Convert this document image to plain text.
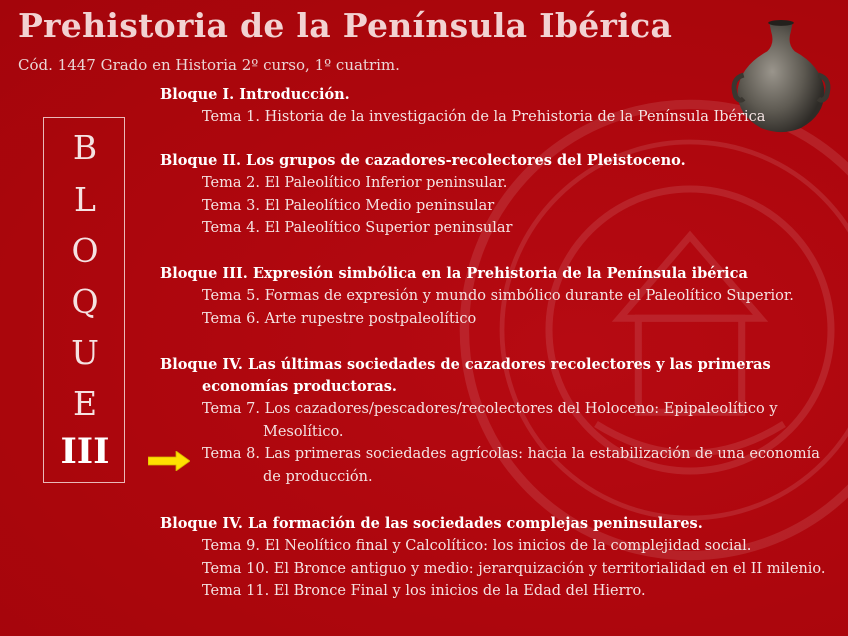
Prehistoria de la Península Ibérica
Cód. 1447 Grado en Historia 2º curso, 1º cuatrim.
B
L
O
Q
U
E
III
Bloque I. Introducción.
Tema 1. Historia de la investigación de la Prehistoria de la Península Ibérica
Bloque II. Los grupos de cazadores-recolectores del Pleistoceno.
Tema 2. El Paleolítico Inferior peninsular.
Tema 3. El Paleolítico Medio peninsular
Tema 4. El Paleolítico Superior peninsular
Bloque III. Expresión simbólica en la Prehistoria de la Península ibérica
Tema 5. Formas de expresión y mundo simbólico durante el Paleolítico Superior.
Tema 6. Arte rupestre postpaleolítico
Bloque IV. Las últimas sociedades de cazadores recolectores y las primeras
economías productoras.
Tema 7. Los cazadores/pescadores/recolectores del Holoceno: Epipaleolítico y Mesolítico.
Tema 8. Las primeras sociedades agrícolas: hacia la estabilización de una economía de producción.
Bloque IV. La formación de las sociedades complejas peninsulares.
Tema 9. El Neolítico final y Calcolítico: los inicios de la complejidad social.
Tema 10. El Bronce antiguo y medio: jerarquización y territorialidad en el II milenio.
Tema 11. El Bronce Final y los inicios de la Edad del Hierro.
